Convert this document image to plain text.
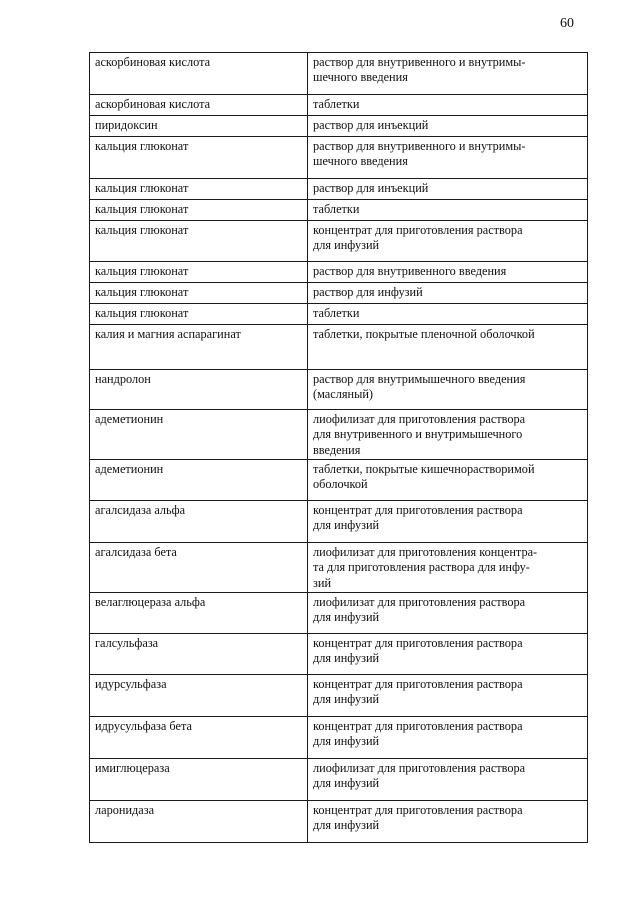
60
аскорбиновая кислота	раствор для внутривенного и внутримы-
шечного введения
аскорбиновая кислота	таблетки
пиридоксин	раствор для инъекций
кальция глюконат	раствор для внутривенного и внутримы-
шечного введения
кальция глюконат	раствор для инъекций
кальция глюконат	таблетки
кальция глюконат	концентрат для приготовления раствора
для инфузий
кальция глюконат	раствор для внутривенного введения
кальция глюконат	раствор для инфузий
кальция глюконат	таблетки
калия и магния аспарагинат	таблетки, покрытые пленочной оболочкой
нандролон	раствор для внутримышечного введения
(масляный)
адеметионин	лиофилизат для приготовления раствора
для внутривенного и внутримышечного
введения
адеметионин	таблетки, покрытые кишечнорастворимой
оболочкой
агалсидаза альфа	концентрат для приготовления раствора
для инфузий
агалсидаза бета	лиофилизат для приготовления концентра-
та для приготовления раствора для инфу-
зий
велаглюцераза альфа	лиофилизат для приготовления раствора
для инфузий
галсульфаза	концентрат для приготовления раствора
для инфузий
идурсульфаза	концентрат для приготовления раствора
для инфузий
идрусульфаза бета	концентрат для приготовления раствора
для инфузий
имиглюцераза	лиофилизат для приготовления раствора
для инфузий
ларонидаза	концентрат для приготовления раствора
для инфузий
